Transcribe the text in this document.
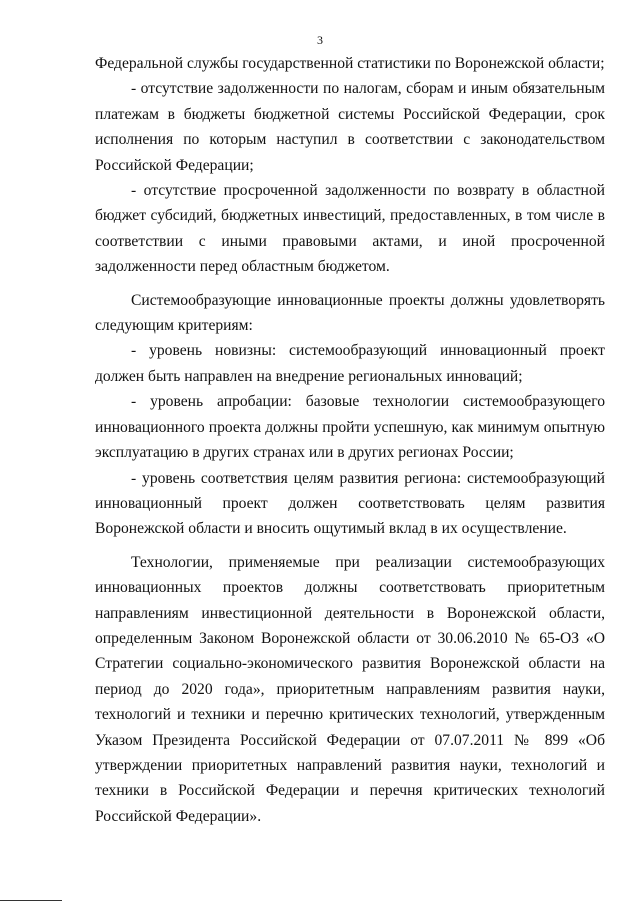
3

Федеральной службы государственной статистики по Воронежской области;

- отсутствие задолженности по налогам, сборам и иным обязательным платежам в бюджеты бюджетной системы Российской Федерации, срок исполнения по которым наступил в соответствии с законодательством Российской Федерации;

- отсутствие просроченной задолженности по возврату в областной бюджет субсидий, бюджетных инвестиций, предоставленных, в том числе в соответствии с иными правовыми актами, и иной просроченной задолженности перед областным бюджетом.

Системообразующие инновационные проекты должны удовлетворять следующим критериям:

- уровень новизны: системообразующий инновационный проект должен быть направлен на внедрение региональных инноваций;

- уровень апробации: базовые технологии системообразующего инновационного проекта должны пройти успешную, как минимум опытную эксплуатацию в других странах или в других регионах России;

- уровень соответствия целям развития региона: системообразующий инновационный проект должен соответствовать целям развития Воронежской области и вносить ощутимый вклад в их осуществление.

Технологии, применяемые при реализации системообразующих инновационных проектов должны соответствовать приоритетным направлениям инвестиционной деятельности в Воронежской области, определенным Законом Воронежской области от 30.06.2010 № 65-ОЗ «О Стратегии социально-экономического развития Воронежской области на период до 2020 года», приоритетным направлениям развития науки, технологий и техники и перечню критических технологий, утвержденным Указом Президента Российской Федерации от 07.07.2011 № 899 «Об утверждении приоритетных направлений развития науки, технологий и техники в Российской Федерации и перечня критических технологий Российской Федерации».
